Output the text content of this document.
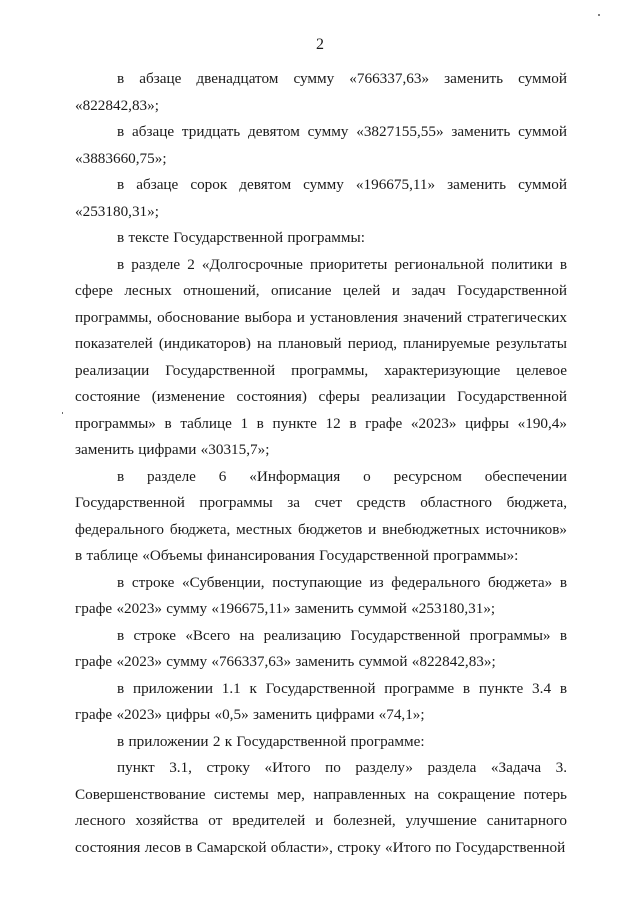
2

в абзаце двенадцатом сумму «766337,63» заменить суммой «822842,83»;

в абзаце тридцать девятом сумму «3827155,55» заменить суммой «3883660,75»;

в абзаце сорок девятом сумму «196675,11» заменить суммой «253180,31»;

в тексте Государственной программы:

в разделе 2 «Долгосрочные приоритеты региональной политики в сфере лесных отношений, описание целей и задач Государственной программы, обоснование выбора и установления значений стратегических показателей (индикаторов) на плановый период, планируемые результаты реализации Государственной программы, характеризующие целевое состояние (изменение состояния) сферы реализации Государственной программы» в таблице 1 в пункте 12 в графе «2023» цифры «190,4» заменить цифрами «30315,7»;

в разделе 6 «Информация о ресурсном обеспечении Государственной программы за счет средств областного бюджета, федерального бюджета, местных бюджетов и внебюджетных источников» в таблице «Объемы финансирования Государственной программы»:

в строке «Субвенции, поступающие из федерального бюджета» в графе «2023» сумму «196675,11» заменить суммой «253180,31»;

в строке «Всего на реализацию Государственной программы» в графе «2023» сумму «766337,63» заменить суммой «822842,83»;

в приложении 1.1 к Государственной программе в пункте 3.4 в графе «2023» цифры «0,5» заменить цифрами «74,1»;

в приложении 2 к Государственной программе:

пункт 3.1, строку «Итого по разделу» раздела «Задача 3. Совершенствование системы мер, направленных на сокращение потерь лесного хозяйства от вредителей и болезней, улучшение санитарного состояния лесов в Самарской области», строку «Итого по Государственной
